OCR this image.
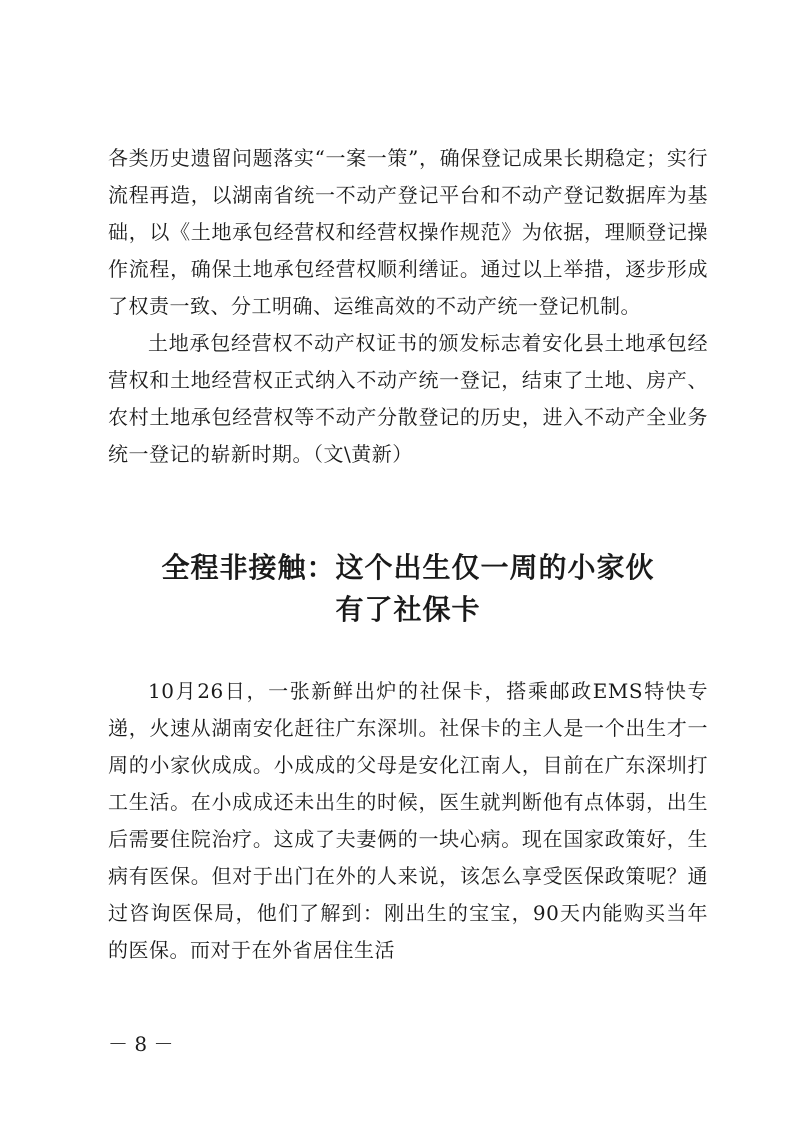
各类历史遗留问题落实“一案一策”，确保登记成果长期稳定；实行流程再造，以湖南省统一不动产登记平台和不动产登记数据库为基础，以《土地承包经营权和经营权操作规范》为依据，理顺登记操作流程，确保土地承包经营权顺利缮证。通过以上举措，逐步形成了权责一致、分工明确、运维高效的不动产统一登记机制。

土地承包经营权不动产权证书的颁发标志着安化县土地承包经营权和土地经营权正式纳入不动产统一登记，结束了土地、房产、农村土地承包经营权等不动产分散登记的历史，进入不动产全业务统一登记的崭新时期。（文\黄新）

全程非接触：这个出生仅一周的小家伙
有了社保卡

10月26日，一张新鲜出炉的社保卡，搭乘邮政EMS特快专递，火速从湖南安化赶往广东深圳。社保卡的主人是一个出生才一周的小家伙成成。小成成的父母是安化江南人，目前在广东深圳打工生活。在小成成还未出生的时候，医生就判断他有点体弱，出生后需要住院治疗。这成了夫妻俩的一块心病。现在国家政策好，生病有医保。但对于出门在外的人来说，该怎么享受医保政策呢？通过咨询医保局，他们了解到：刚出生的宝宝，90天内能购买当年的医保。而对于在外省居住生活

－ 8 －
